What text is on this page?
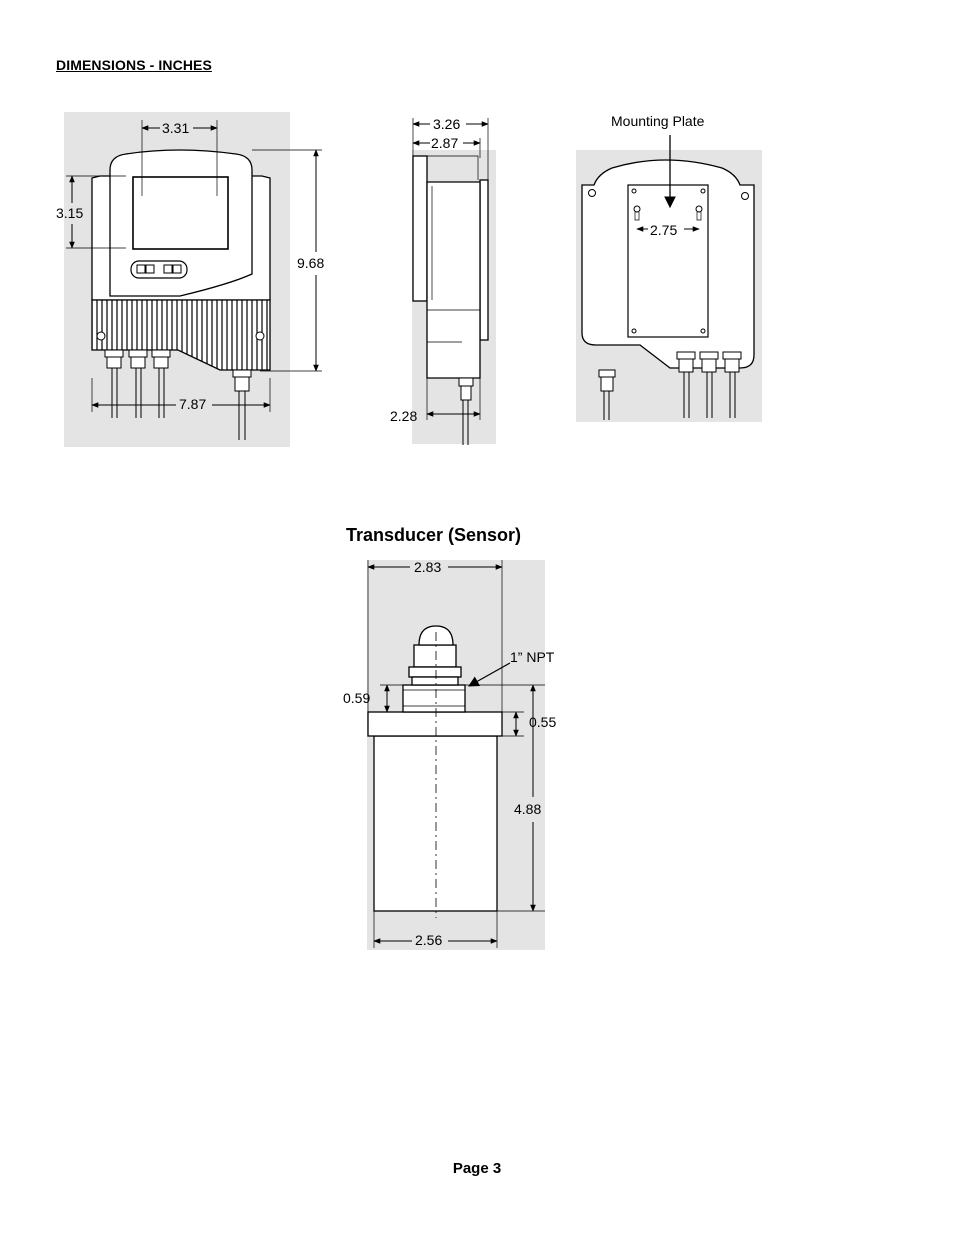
DIMENSIONS - INCHES
3.31
3.15
9.68
7.87
3.26
2.87
2.28
Mounting Plate
2.75
2.83
1” NPT
0.59
0.55
4.88
2.56
Transducer (Sensor)
Page 3
